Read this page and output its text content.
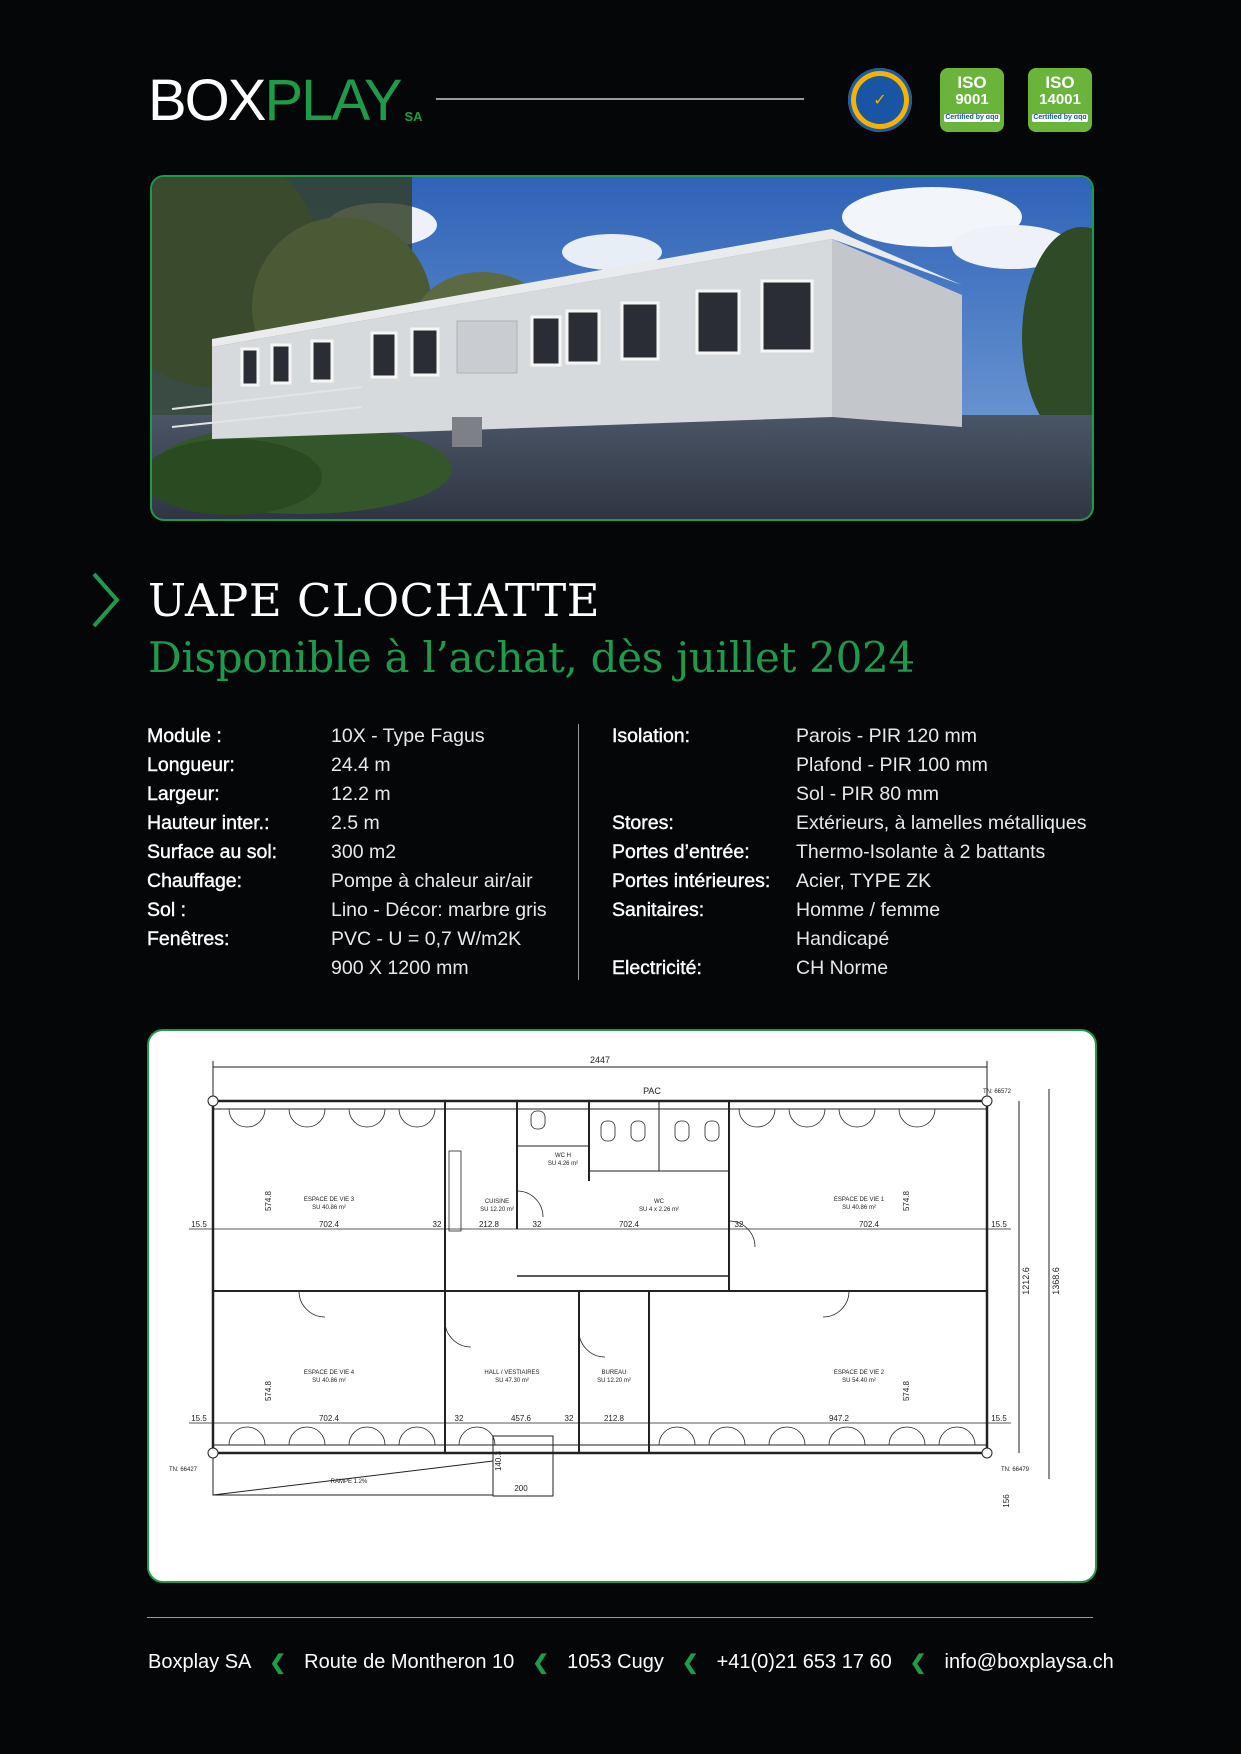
BOX PLAY SA
✓
ISO
9001
Certified by ɑqɑ
ISO
14001
Certified by ɑqɑ
UAPE CLOCHATTE
Disponible à l’achat, dès juillet 2024
Module :	10X - Type Fagus
Longueur:	24.4 m
Largeur:	12.2 m
Hauteur inter.:	2.5 m
Surface au sol:	300 m2
Chauffage:	Pompe à chaleur air/air
Sol :	Lino - Décor: marbre gris
Fenêtres:	PVC - U = 0,7 W/m2K
900 X 1200 mm
Isolation:	Parois - PIR 120 mm
Plafond - PIR 100 mm
Sol - PIR 80 mm
Stores:	Extérieurs, à lamelles métalliques
Portes d’entrée:	Thermo-Isolante à 2 battants
Portes intérieures:	Acier, TYPE ZK
Sanitaires:	Homme / femme
Handicapé
Electricité:	CH Norme
2447
PAC	TN: 66572
TN: 66427	TN: 66479
RAMPE 1.2%
1212.6 1368.6
ESPACE DE VIE 3
SU 40.86 m²
CUISINE
SU 12.20 m²
WC H
SU 4.26 m²
WC
SU 4 x 2.26 m²
ESPACE DE VIE 1
SU 40.86 m²
ESPACE DE VIE 4
SU 40.86 m²
HALL / VESTIAIRES
SU 47.30 m²
BUREAU
SU 12.20 m²
ESPACE DE VIE 2
SU 54.40 m²
15.5	15.5
15.5	15.5
702.4	702.4	702.4
702.4
212.8
212.8
457.6	947.2
32	32	32
32	32
200
574.8
574.8
574.8
574.8
140.3
156
Boxplay SA ❮ Route de Montheron 10 ❮ 1053 Cugy ❮ +41(0)21 653 17 60 ❮ info@boxplaysa.ch
